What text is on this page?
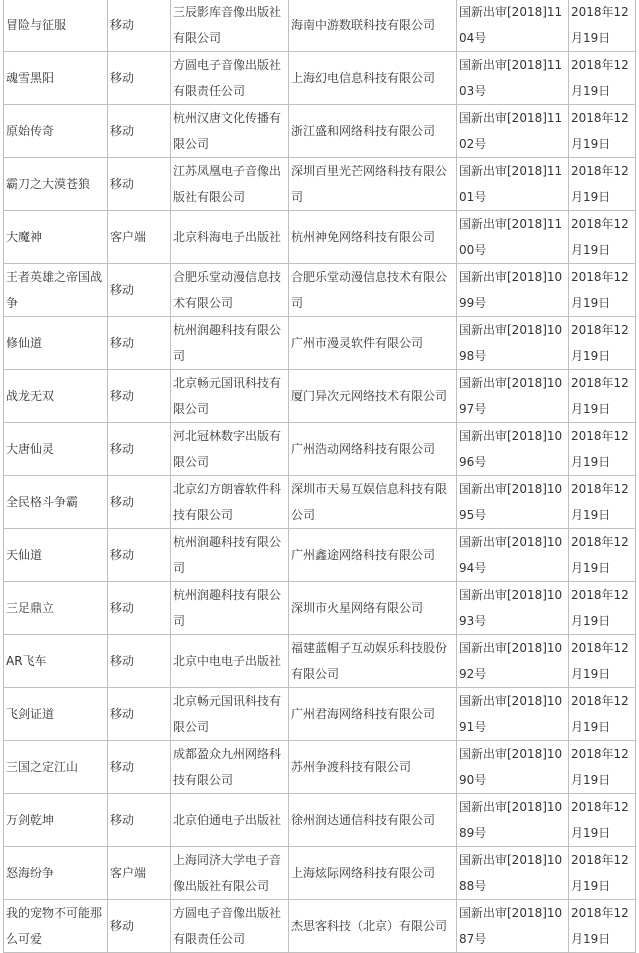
冒险与征服	移动	三辰影库音像出版社有限公司	海南中游数联科技有限公司	国新出审[2018]1104号	2018年12月19日
魂雪黑阳	移动	方圆电子音像出版社有限责任公司	上海幻电信息科技有限公司	国新出审[2018]1103号	2018年12月19日
原始传奇	移动	杭州汉唐文化传播有限公司	浙江盛和网络科技有限公司	国新出审[2018]1102号	2018年12月19日
霸刀之大漠苍狼	移动	江苏凤凰电子音像出版社有限公司	深圳百里光芒网络科技有限公司	国新出审[2018]1101号	2018年12月19日
大魔神	客户端	北京科海电子出版社	杭州神免网络科技有限公司	国新出审[2018]1100号	2018年12月19日
王者英雄之帝国战争	移动	合肥乐堂动漫信息技术有限公司	合肥乐堂动漫信息技术有限公司	国新出审[2018]1099号	2018年12月19日
修仙道	移动	杭州润趣科技有限公司	广州市漫灵软件有限公司	国新出审[2018]1098号	2018年12月19日
战龙无双	移动	北京畅元国讯科技有限公司	厦门异次元网络技术有限公司	国新出审[2018]1097号	2018年12月19日
大唐仙灵	移动	河北冠林数字出版有限公司	广州浩动网络科技有限公司	国新出审[2018]1096号	2018年12月19日
全民格斗争霸	移动	北京幻方朗睿软件科技有限公司	深圳市天易互娱信息科技有限公司	国新出审[2018]1095号	2018年12月19日
天仙道	移动	杭州润趣科技有限公司	广州鑫途网络科技有限公司	国新出审[2018]1094号	2018年12月19日
三足鼎立	移动	杭州润趣科技有限公司	深圳市火星网络有限公司	国新出审[2018]1093号	2018年12月19日
AR飞车	移动	北京中电电子出版社	福建蓝帽子互动娱乐科技股份有限公司	国新出审[2018]1092号	2018年12月19日
飞剑证道	移动	北京畅元国讯科技有限公司	广州君海网络科技有限公司	国新出审[2018]1091号	2018年12月19日
三国之定江山	移动	成都盈众九州网络科技有限公司	苏州争渡科技有限公司	国新出审[2018]1090号	2018年12月19日
万剑乾坤	移动	北京伯通电子出版社	徐州润达通信科技有限公司	国新出审[2018]1089号	2018年12月19日
怒海纷争	客户端	上海同济大学电子音像出版社有限公司	上海炫际网络科技有限公司	国新出审[2018]1088号	2018年12月19日
我的宠物不可能那么可爱	移动	方圆电子音像出版社有限责任公司	杰思客科技（北京）有限公司	国新出审[2018]1087号	2018年12月19日
